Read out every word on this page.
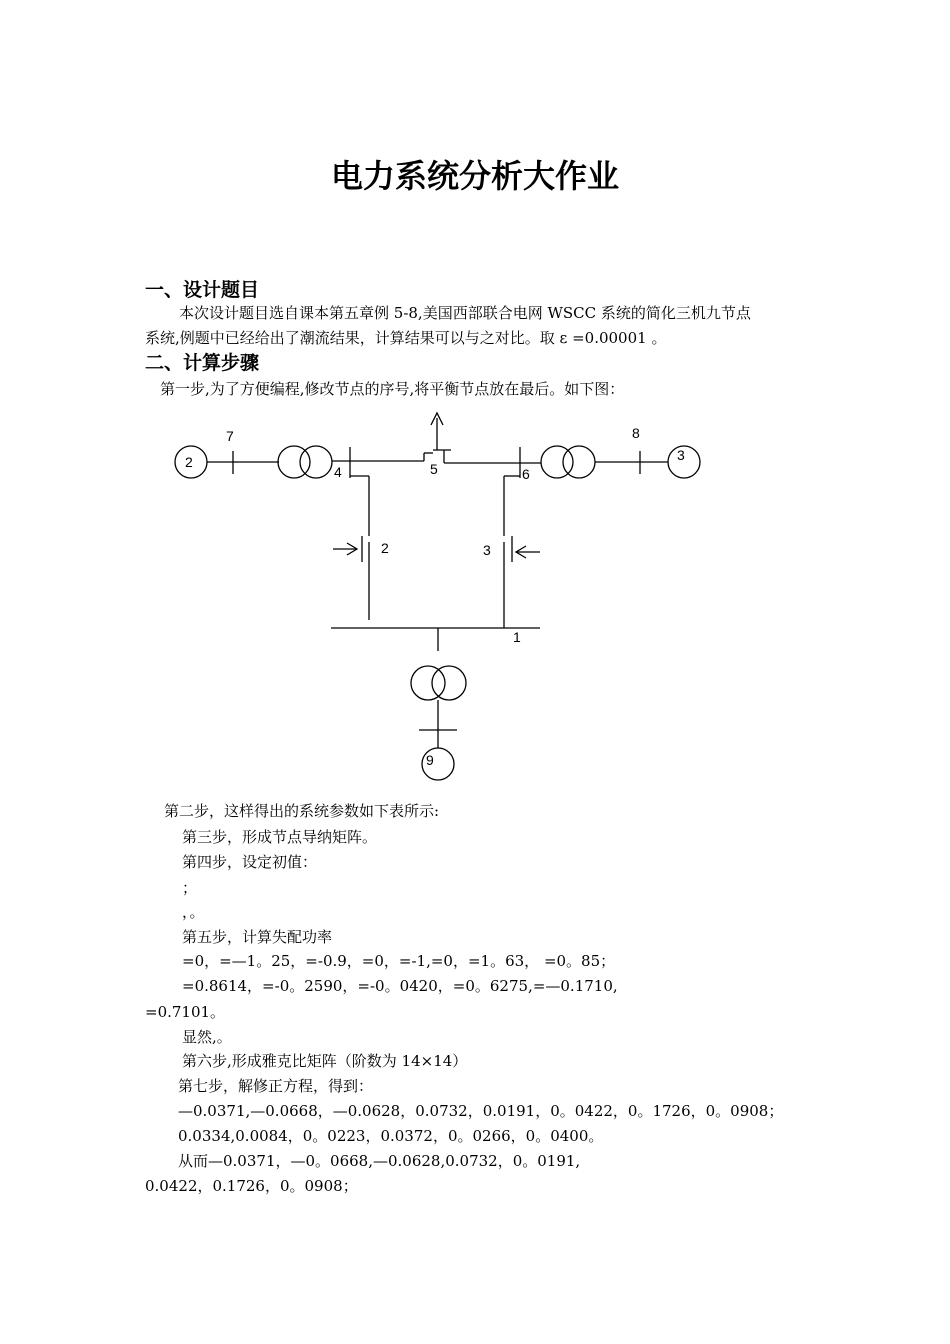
电力系统分析大作业
一、设计题目
本次设计题目选自课本第五章例 5-8,美国西部联合电网 WSCC 系统的简化三机九节点
系统,例题中已经给出了潮流结果，计算结果可以与之对比。取 ε =0.00001 。
二、计算步骤
第一步,为了方便编程,修改节点的序号,将平衡节点放在最后。如下图：
2	3
9
7	8
4	5	6
1
2	3
第二步，这样得出的系统参数如下表所示:
第三步，形成节点导纳矩阵。
第四步，设定初值：
；
，。
第五步，计算失配功率
=0，=—1。25，=-0.9，=0，=-1,=0，=1。63， =0。85；
=0.8614，=-0。2590，=-0。0420，=0。6275,=—0.1710,
=0.7101。
显然,。
第六步,形成雅克比矩阵（阶数为 14×14）
第七步，解修正方程，得到：
—0.0371,—0.0668，—0.0628，0.0732，0.0191，0。0422，0。1726，0。0908；
0.0334,0.0084，0。0223，0.0372，0。0266，0。0400。
从而—0.0371，—0。0668,—0.0628,0.0732，0。0191,
0.0422，0.1726，0。0908；
